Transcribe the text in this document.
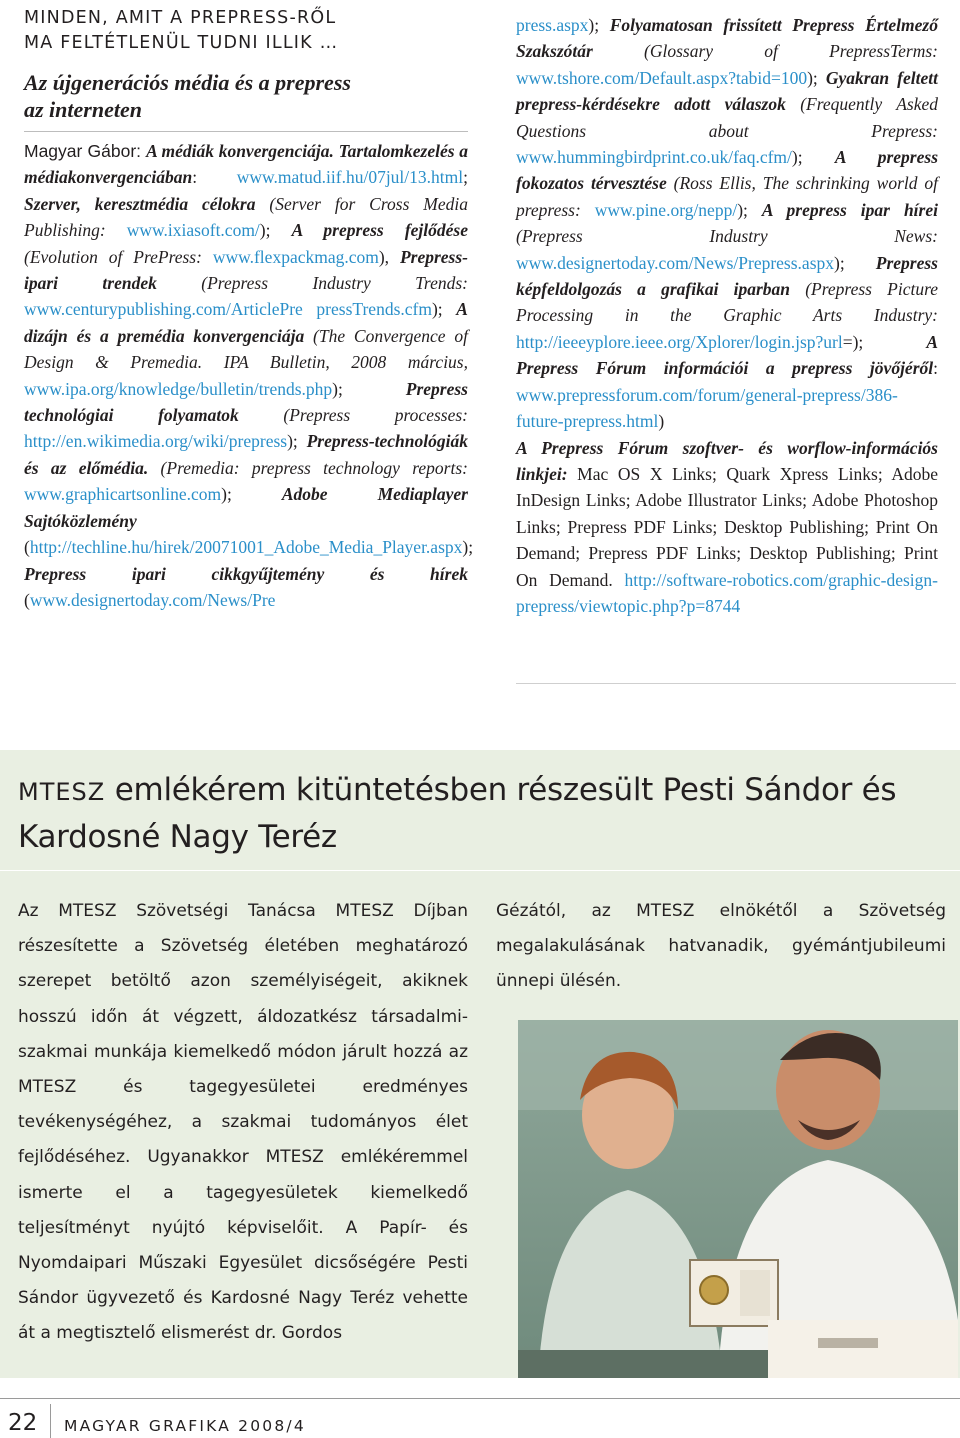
MINDEN, AMIT A PREPRESS-RŐL
MA FELTÉTLENÜL TUDNI ILLIK …
Az újgenerációs média és a prepress
az interneten
Magyar Gábor: A médiák konvergenciája. Tartalomkezelés a médiakonvergenciában: www.matud.iif.hu/07jul/13.html; Szerver, keresztmédia célokra (Server for Cross Media Publishing: www.ixiasoft.com/); A prepress fejlődése (Evolution of PrePress: www.flexpackmag.com), Prepress-ipari trendek (Prepress Industry Trends: www.centurypublishing.com/ArticlePre pressTrends.cfm); A dizájn és a premédia konvergenciája (The Convergence of Design & Premedia. IPA Bulletin, 2008 március, www.ipa.org/knowledge/bulletin/trends.php); Prepress technológiai folyamatok (Prepress processes: http://en.wikimedia.org/wiki/prepress); Prepress-technológiák és az előmédia. (Premedia: prepress technology reports: www.graphicartsonline.com); Adobe Mediaplayer Sajtóközlemény (http://techline.hu/hirek/20071001_Adobe_Media_Player.aspx); Prepress ipari cikkgyűjtemény és hírek (www.designertoday.com/News/Pre
press.aspx); Folyamatosan frissített Prepress Értelmező Szakszótár (Glossary of PrepressTerms: www.tshore.com/Default.aspx?tabid=100); Gyakran feltett prepress-kérdésekre adott válaszok (Frequently Asked Questions about Prepress: www.hummingbirdprint.co.uk/faq.cfm/); A prepress fokozatos térvesztése (Ross Ellis, The schrinking world of prepress: www.pine.org/nepp/); A prepress ipar hírei (Prepress Industry News: www.designertoday.com/News/Prepress.aspx); Prepress képfeldolgozás a grafikai iparban (Prepress Picture Processing in the Graphic Arts Industry: http://ieeeyplore.ieee.org/Xplorer/login.jsp?url=); A Prepress Fórum információi a prepress jövőjéről: www.prepressforum.com/forum/general-prepress/386-future-prepress.html)
A Prepress Fórum szoftver- és worflow-információs linkjei: Mac OS X Links; Quark Xpress Links; Adobe InDesign Links; Adobe Illustrator Links; Adobe Photoshop Links; Prepress PDF Links; Desktop Publishing; Print On Demand; Prepress PDF Links; Desktop Publishing; Print On Demand. http://software-robotics.com/graphic-design-prepress/viewtopic.php?p=8744
MTESZ emlékérem kitüntetésben részesült Pesti Sándor és Kardosné Nagy Teréz
Az MTESZ Szövetségi Tanácsa MTESZ Díjban részesítette a Szövetség életében meghatározó szerepet betöltő azon személyiségeit, akiknek hosszú időn át végzett, áldozatkész társadalmi-szakmai munkája kiemelkedő módon járult hozzá az MTESZ és tagegyesületei eredményes tevékenységéhez, a szakmai tudományos élet fejlődéséhez. Ugyanakkor MTESZ emlékéremmel ismerte el a tagegyesületek kiemelkedő teljesítményt nyújtó képviselőit. A Papír- és Nyomdaipari Műszaki Egyesület dicsőségére Pesti Sándor ügyvezető és Kardosné Nagy Teréz vehette át a megtisztelő elismerést dr. Gordos
Gézától, az MTESZ elnökétől a Szövetség megalakulásának hatvanadik, gyémántjubileumi ünnepi ülésén.
22 MAGYAR GRAFIKA 2008/4
